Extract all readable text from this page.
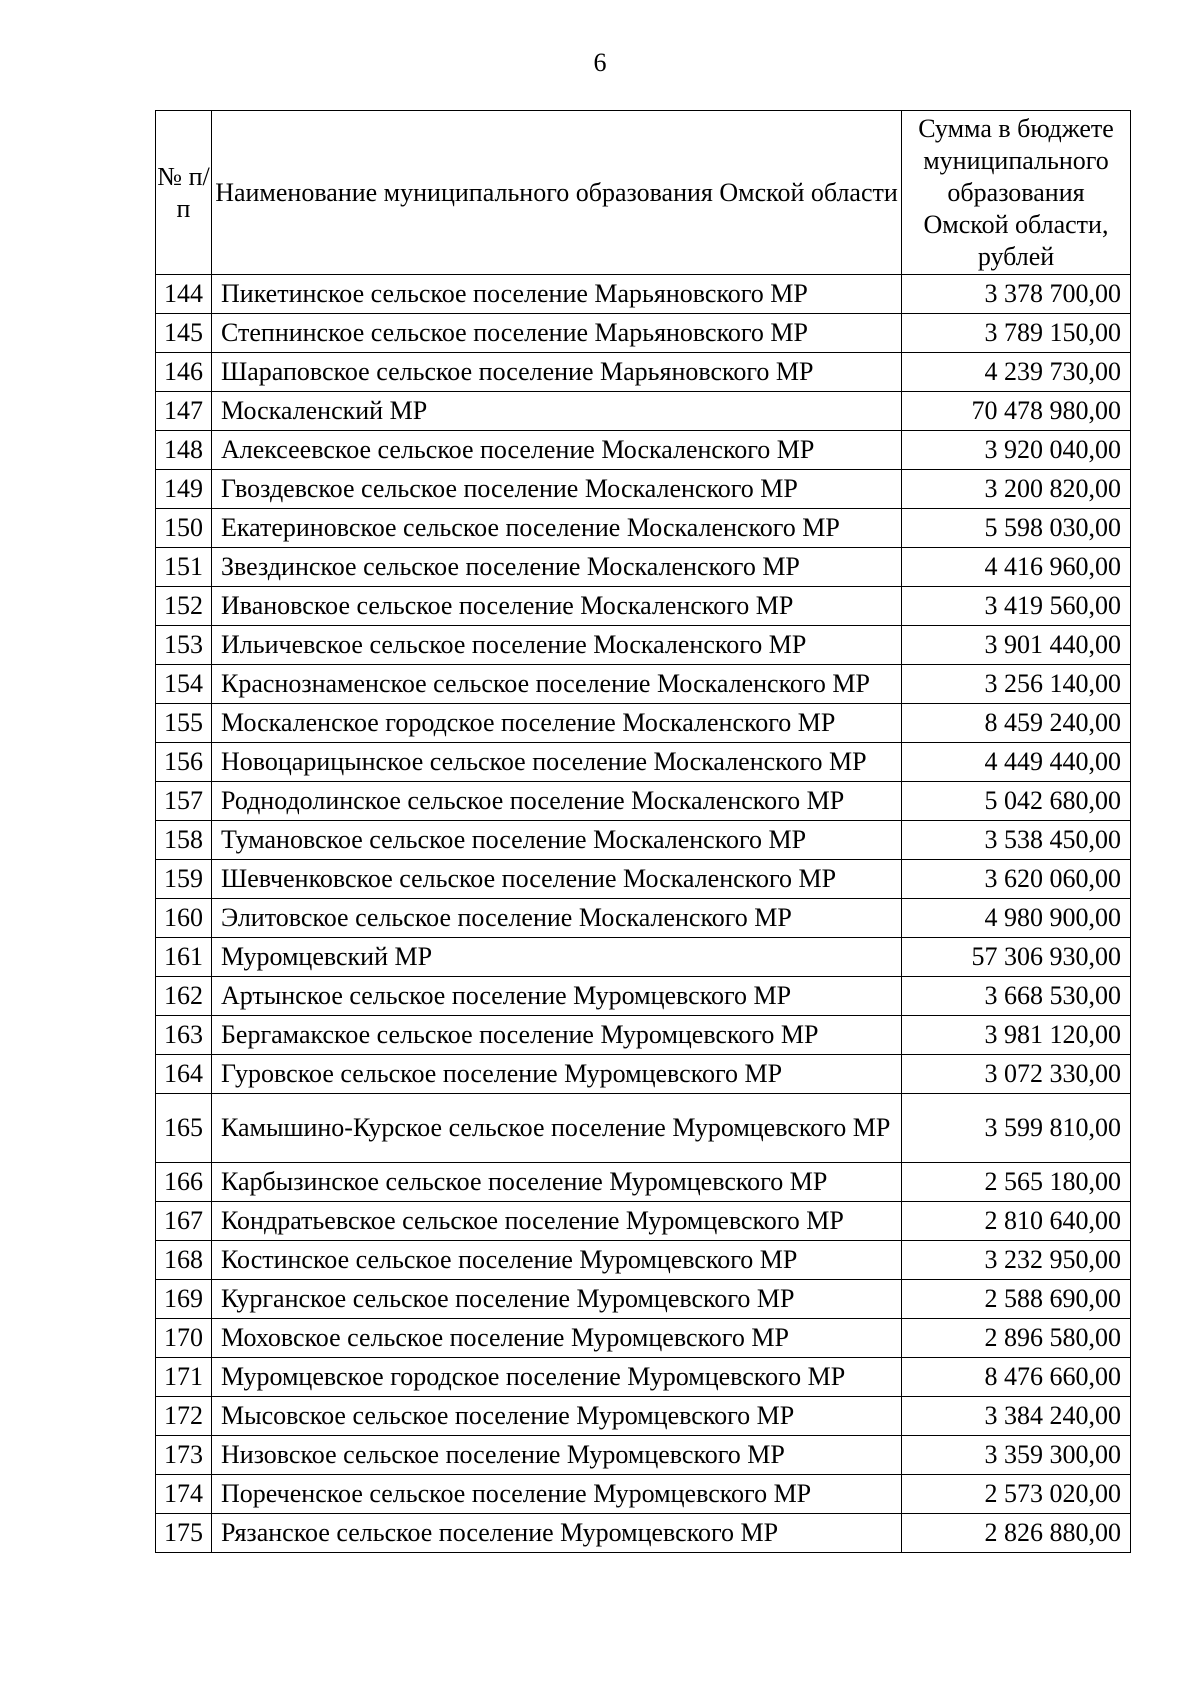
6
№ п/п	Наименование муниципального образования Омской области	Сумма в бюджете муниципального образования Омской области, рублей
144	Пикетинское сельское поселение Марьяновского МР	3 378 700,00
145	Степнинское сельское поселение Марьяновского МР	3 789 150,00
146	Шараповское сельское поселение Марьяновского МР	4 239 730,00
147	Москаленский МР	70 478 980,00
148	Алексеевское сельское поселение Москаленского МР	3 920 040,00
149	Гвоздевское сельское поселение Москаленского МР	3 200 820,00
150	Екатериновское сельское поселение Москаленского МР	5 598 030,00
151	Звездинское сельское поселение Москаленского МР	4 416 960,00
152	Ивановское сельское поселение Москаленского МР	3 419 560,00
153	Ильичевское сельское поселение Москаленского МР	3 901 440,00
154	Краснознаменское сельское поселение Москаленского МР	3 256 140,00
155	Москаленское городское поселение Москаленского МР	8 459 240,00
156	Новоцарицынское сельское поселение Москаленского МР	4 449 440,00
157	Роднодолинское сельское поселение Москаленского МР	5 042 680,00
158	Тумановское сельское поселение Москаленского МР	3 538 450,00
159	Шевченковское сельское поселение Москаленского МР	3 620 060,00
160	Элитовское сельское поселение Москаленского МР	4 980 900,00
161	Муромцевский МР	57 306 930,00
162	Артынское сельское поселение Муромцевского МР	3 668 530,00
163	Бергамакское сельское поселение Муромцевского МР	3 981 120,00
164	Гуровское сельское поселение Муромцевского МР	3 072 330,00
165	Камышино-Курское сельское поселение Муромцевского МР	3 599 810,00
166	Карбызинское сельское поселение Муромцевского МР	2 565 180,00
167	Кондратьевское сельское поселение Муромцевского МР	2 810 640,00
168	Костинское сельское поселение Муромцевского МР	3 232 950,00
169	Курганское сельское поселение Муромцевского МР	2 588 690,00
170	Моховское сельское поселение Муромцевского МР	2 896 580,00
171	Муромцевское городское поселение Муромцевского МР	8 476 660,00
172	Мысовское сельское поселение Муромцевского МР	3 384 240,00
173	Низовское сельское поселение Муромцевского МР	3 359 300,00
174	Пореченское сельское поселение Муромцевского МР	2 573 020,00
175	Рязанское сельское поселение Муромцевского МР	2 826 880,00
